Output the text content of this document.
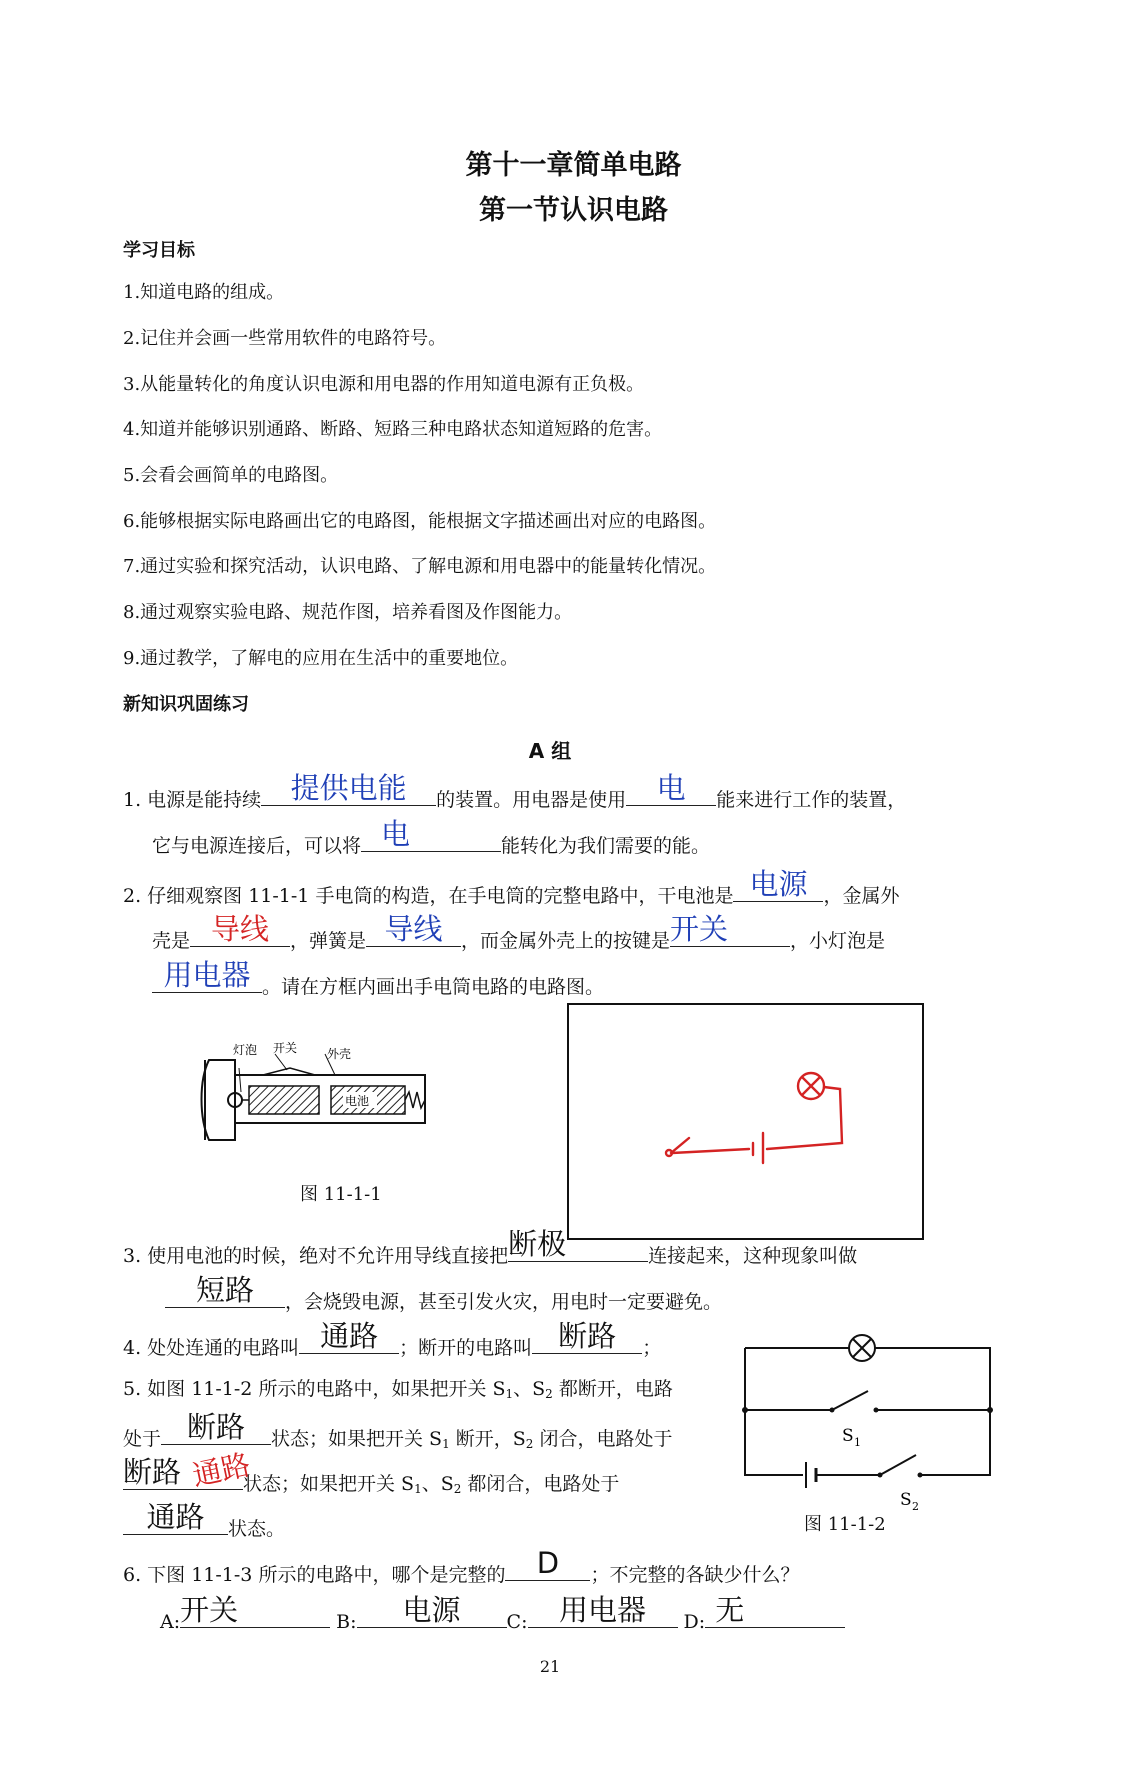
第十一章简单电路
第一节认识电路
学习目标
1.知道电路的组成。
2.记住并会画一些常用软件的电路符号。
3.从能量转化的角度认识电源和用电器的作用知道电源有正负极。
4.知道并能够识别通路、断路、短路三种电路状态知道短路的危害。
5.会看会画简单的电路图。
6.能够根据实际电路画出它的电路图，能根据文字描述画出对应的电路图。
7.通过实验和探究活动，认识电路、了解电源和用电器中的能量转化情况。
8.通过观察实验电路、规范作图，培养看图及作图能力。
9.通过教学，了解电的应用在生活中的重要地位。
新知识巩固练习
A 组
1. 电源是能持续	提供电能	的装置。用电器是使用	电	能来进行工作的装置，
它与电源连接后，可以将 电	能转化为我们需要的能。
2. 仔细观察图 11-1-1 手电筒的构造，在手电筒的完整电路中，干电池是 电源 ，金属外
壳是 导线	，弹簧是 导线 ，而金属外壳上的按键是 开关	，小灯泡是
用电器 。请在方框内画出手电筒电路的电路图。
电池
灯泡 开关 外壳
图 11-1-1
3. 使用电池的时候，绝对不允许用导线直接把 断极	连接起来，这种现象叫做
短路	，会烧毁电源，甚至引发火灾，用电时一定要避免。
4. 处处连通的电路叫 通路	；断开的电路叫 断路	；
5. 如图 11-1-2 所示的电路中，如果把开关 $S_1$、$S_2$ 都断开，电路
处于 断路	状态；如果把开关 $S_1$ 断开，$S_2$ 闭合，电路处于
断路	状态；如果把开关 $S_1$、$S_2$ 都闭合，电路处于
通路
通路	状态。
S 1
S 2
图 11-1-2
6. 下图 11-1-3 所示的电路中，哪个是完整的	D	；不完整的各缺少什么？
A: 开关	B:	电源	C:	用电器	D: 无
21
